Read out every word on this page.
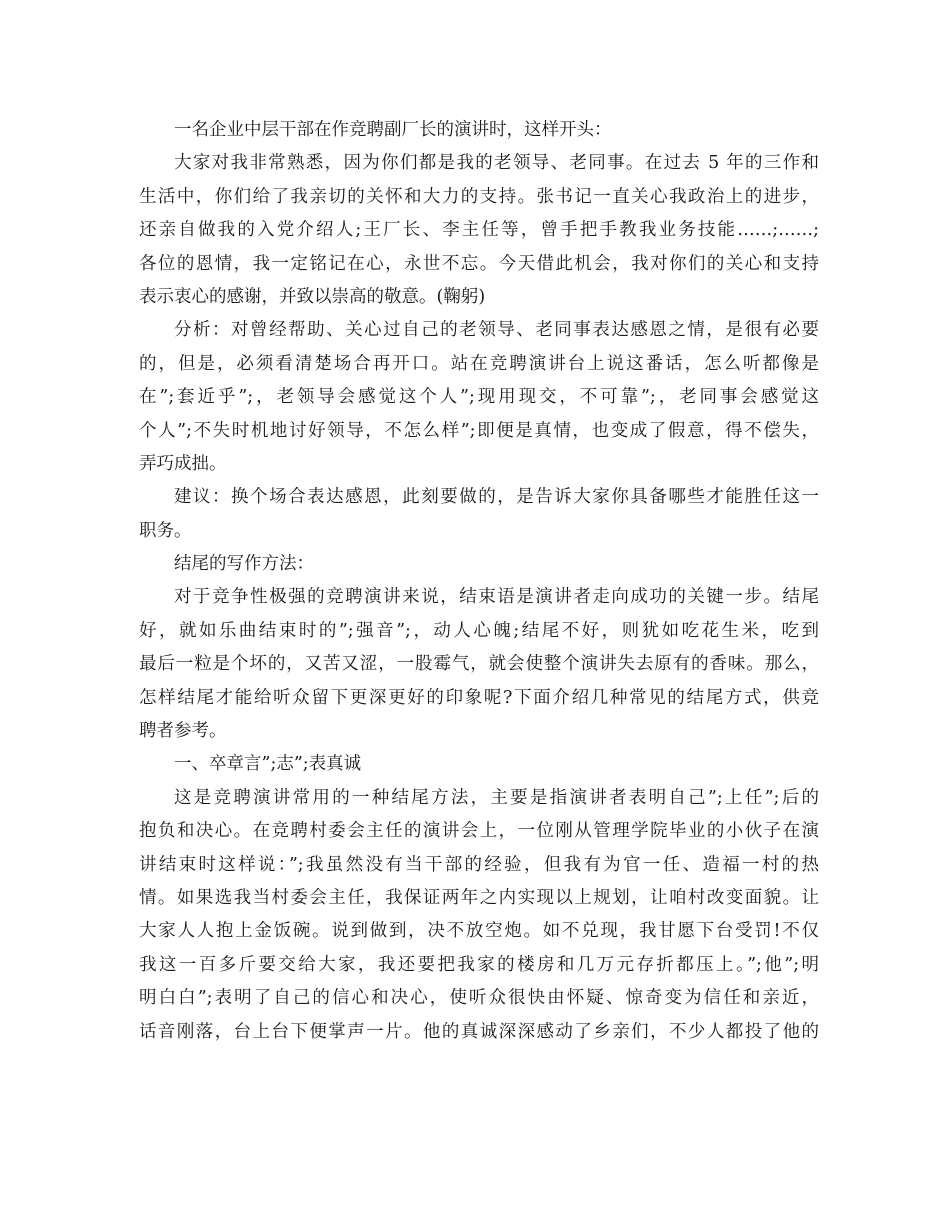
一名企业中层干部在作竞聘副厂长的演讲时，这样开头：
大家对我非常熟悉，因为你们都是我的老领导、老同事。在过去 5 年的三作和
生活中，你们给了我亲切的关怀和大力的支持。张书记一直关心我政治上的进步，
还亲自做我的入党介绍人;王厂长、李主任等，曾手把手教我业务技能……;……;
各位的恩情，我一定铭记在心，永世不忘。今天借此机会，我对你们的关心和支持
表示衷心的感谢，并致以崇高的敬意。(鞠躬)
分析：对曾经帮助、关心过自己的老领导、老同事表达感恩之情，是很有必要
的，但是，必须看清楚场合再开口。站在竞聘演讲台上说这番话，怎么听都像是
在”;套近乎”;，老领导会感觉这个人”;现用现交，不可靠”;，老同事会感觉这
个人”;不失时机地讨好领导，不怎么样”;即便是真情，也变成了假意，得不偿失，
弄巧成拙。
建议：换个场合表达感恩，此刻要做的，是告诉大家你具备哪些才能胜任这一
职务。
结尾的写作方法：
对于竞争性极强的竞聘演讲来说，结束语是演讲者走向成功的关键一步。结尾
好，就如乐曲结束时的”;强音”;，动人心魄;结尾不好，则犹如吃花生米，吃到
最后一粒是个坏的，又苦又涩，一股霉气，就会使整个演讲失去原有的香味。那么，
怎样结尾才能给听众留下更深更好的印象呢?下面介绍几种常见的结尾方式，供竞
聘者参考。
一、卒章言”;志”;表真诚
这是竞聘演讲常用的一种结尾方法，主要是指演讲者表明自己”;上任”;后的
抱负和决心。在竞聘村委会主任的演讲会上，一位刚从管理学院毕业的小伙子在演
讲结束时这样说：”;我虽然没有当干部的经验，但我有为官一任、造福一村的热
情。如果选我当村委会主任，我保证两年之内实现以上规划，让咱村改变面貌。让
大家人人抱上金饭碗。说到做到，决不放空炮。如不兑现，我甘愿下台受罚!不仅
我这一百多斤要交给大家，我还要把我家的楼房和几万元存折都压上。”;他”;明
明白白”;表明了自己的信心和决心，使听众很快由怀疑、惊奇变为信任和亲近，
话音刚落，台上台下便掌声一片。他的真诚深深感动了乡亲们，不少人都投了他的
